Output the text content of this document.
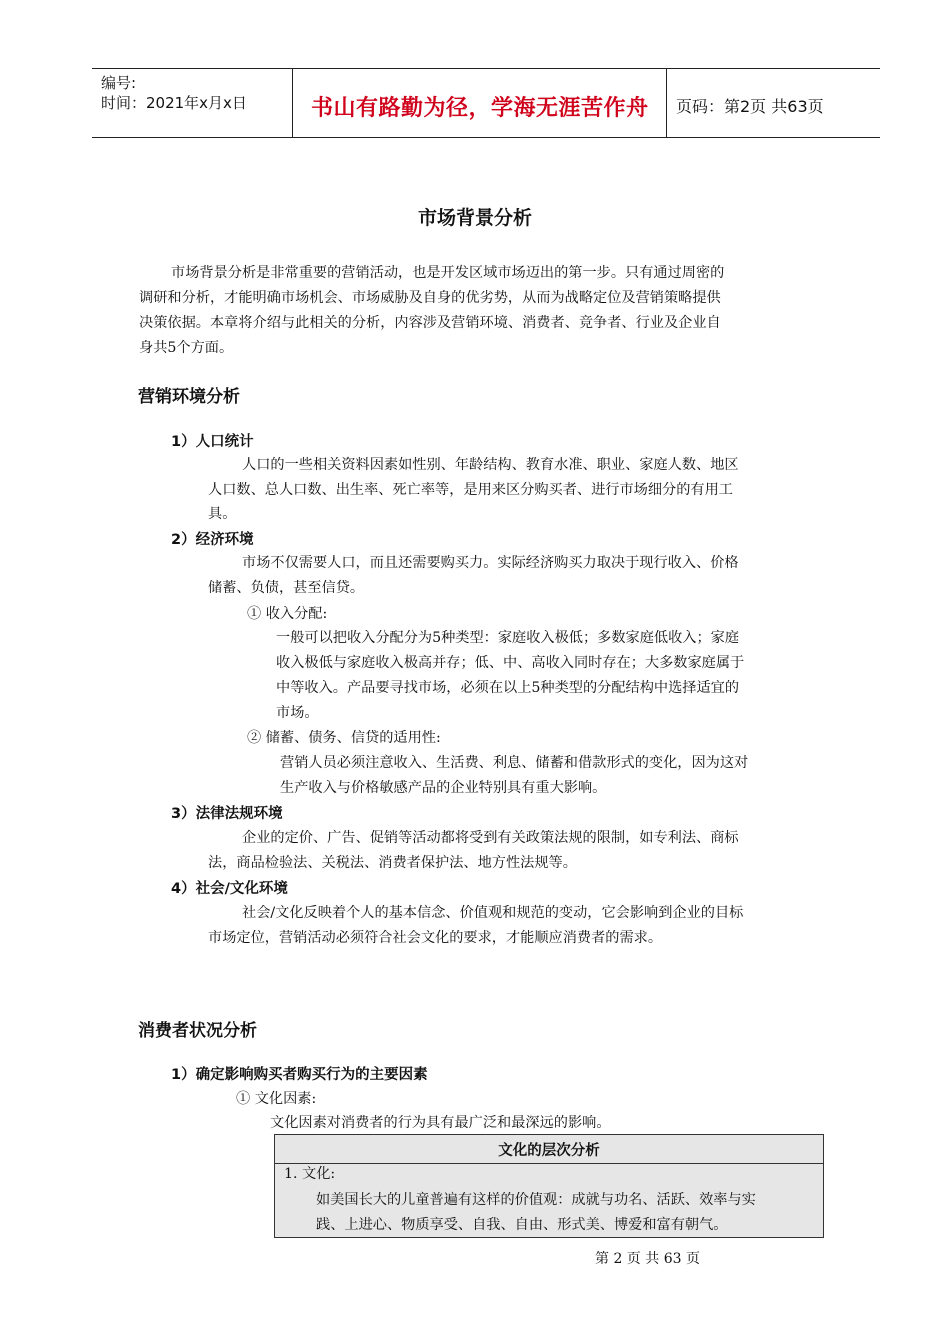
编号:
时间：2021年x月x日	书山有路勤为径，学海无涯苦作舟 页码：第2页 共63页
市场背景分析
市场背景分析是非常重要的营销活动，也是开发区域市场迈出的第一步。只有通过周密的
调研和分析，才能明确市场机会、市场威胁及自身的优劣势，从而为战略定位及营销策略提供
决策依据。本章将介绍与此相关的分析，内容涉及营销环境、消费者、竞争者、行业及企业自
身共5个方面。
营销环境分析
1）人口统计
人口的一些相关资料因素如性别、年龄结构、教育水准、职业、家庭人数、地区
人口数、总人口数、出生率、死亡率等，是用来区分购买者、进行市场细分的有用工
具。
2）经济环境
市场不仅需要人口，而且还需要购买力。实际经济购买力取决于现行收入、价格
储蓄、负债，甚至信贷。
① 收入分配:
一般可以把收入分配分为5种类型：家庭收入极低；多数家庭低收入；家庭
收入极低与家庭收入极高并存；低、中、高收入同时存在；大多数家庭属于
中等收入。产品要寻找市场，必须在以上5种类型的分配结构中选择适宜的
市场。
② 储蓄、债务、信贷的适用性:
营销人员必须注意收入、生活费、利息、储蓄和借款形式的变化，因为这对
生产收入与价格敏感产品的企业特别具有重大影响。
3）法律法规环境
企业的定价、广告、促销等活动都将受到有关政策法规的限制，如专利法、商标
法，商品检验法、关税法、消费者保护法、地方性法规等。
4）社会/文化环境
社会/文化反映着个人的基本信念、价值观和规范的变动，它会影响到企业的目标
市场定位，营销活动必须符合社会文化的要求，才能顺应消费者的需求。
消费者状况分析
1）确定影响购买者购买行为的主要因素
① 文化因素:
文化因素对消费者的行为具有最广泛和最深远的影响。
文化的层次分析
1. 文化:
如美国长大的儿童普遍有这样的价值观：成就与功名、活跃、效率与实
践、上进心、物质享受、自我、自由、形式美、博爱和富有朝气。
第 2 页 共 63 页
